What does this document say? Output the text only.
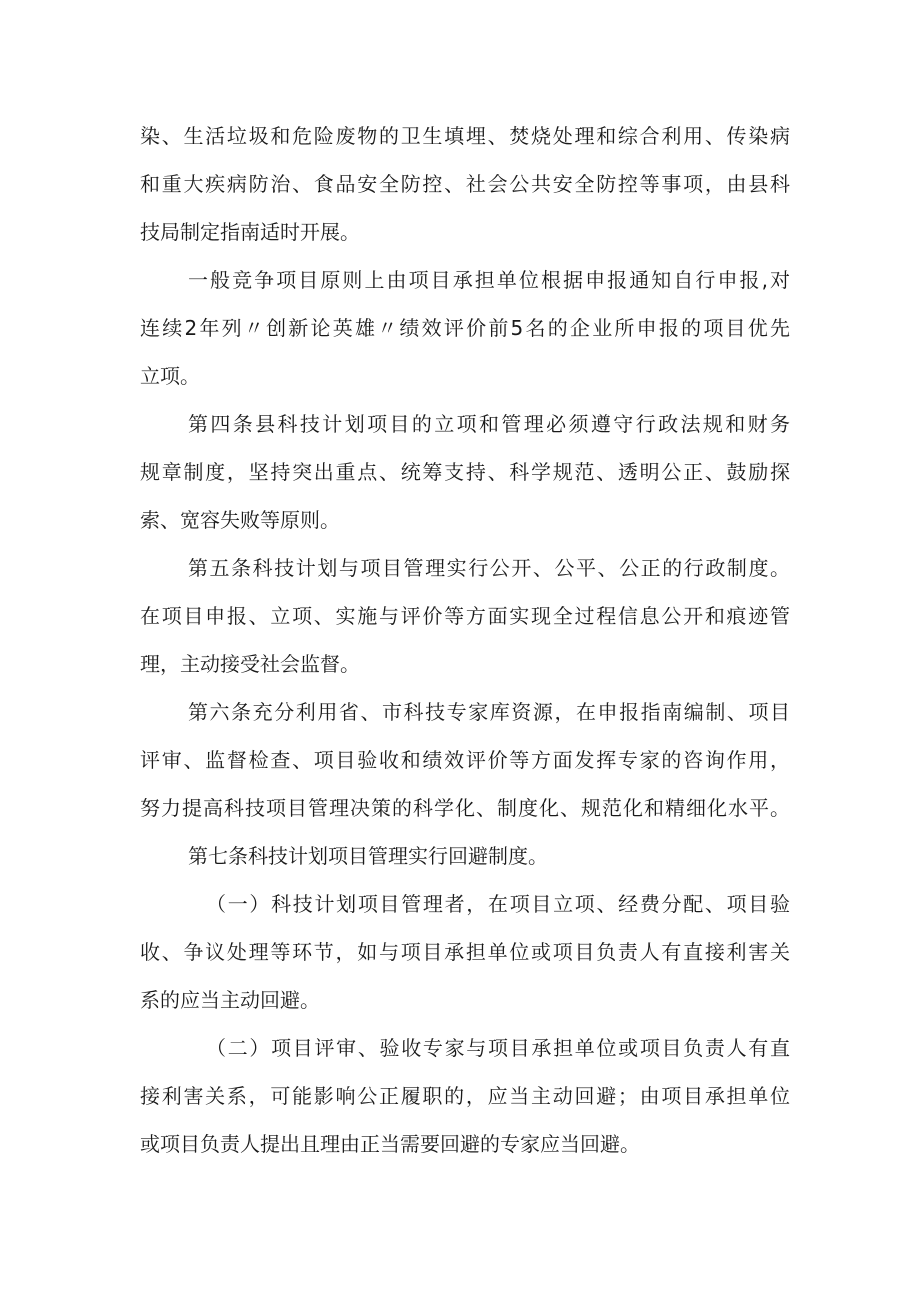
染、生活垃圾和危险废物的卫生填埋、焚烧处理和综合利用、传染病
和重大疾病防治、食品安全防控、社会公共安全防控等事项，由县科
技局制定指南适时开展。
一般竞争项目原则上由项目承担单位根据申报通知自行申报,对
连续2年列〃创新论英雄〃绩效评价前5名的企业所申报的项目优先
立项。
第四条县科技计划项目的立项和管理必须遵守行政法规和财务
规章制度，坚持突出重点、统筹支持、科学规范、透明公正、鼓励探
索、宽容失败等原则。
第五条科技计划与项目管理实行公开、公平、公正的行政制度。
在项目申报、立项、实施与评价等方面实现全过程信息公开和痕迹管
理，主动接受社会监督。
第六条充分利用省、市科技专家库资源，在申报指南编制、项目
评审、监督检查、项目验收和绩效评价等方面发挥专家的咨询作用，
努力提高科技项目管理决策的科学化、制度化、规范化和精细化水平。
第七条科技计划项目管理实行回避制度。
（一）科技计划项目管理者，在项目立项、经费分配、项目验
收、争议处理等环节，如与项目承担单位或项目负责人有直接利害关
系的应当主动回避。
（二）项目评审、验收专家与项目承担单位或项目负责人有直
接利害关系，可能影响公正履职的，应当主动回避；由项目承担单位
或项目负责人提出且理由正当需要回避的专家应当回避。
